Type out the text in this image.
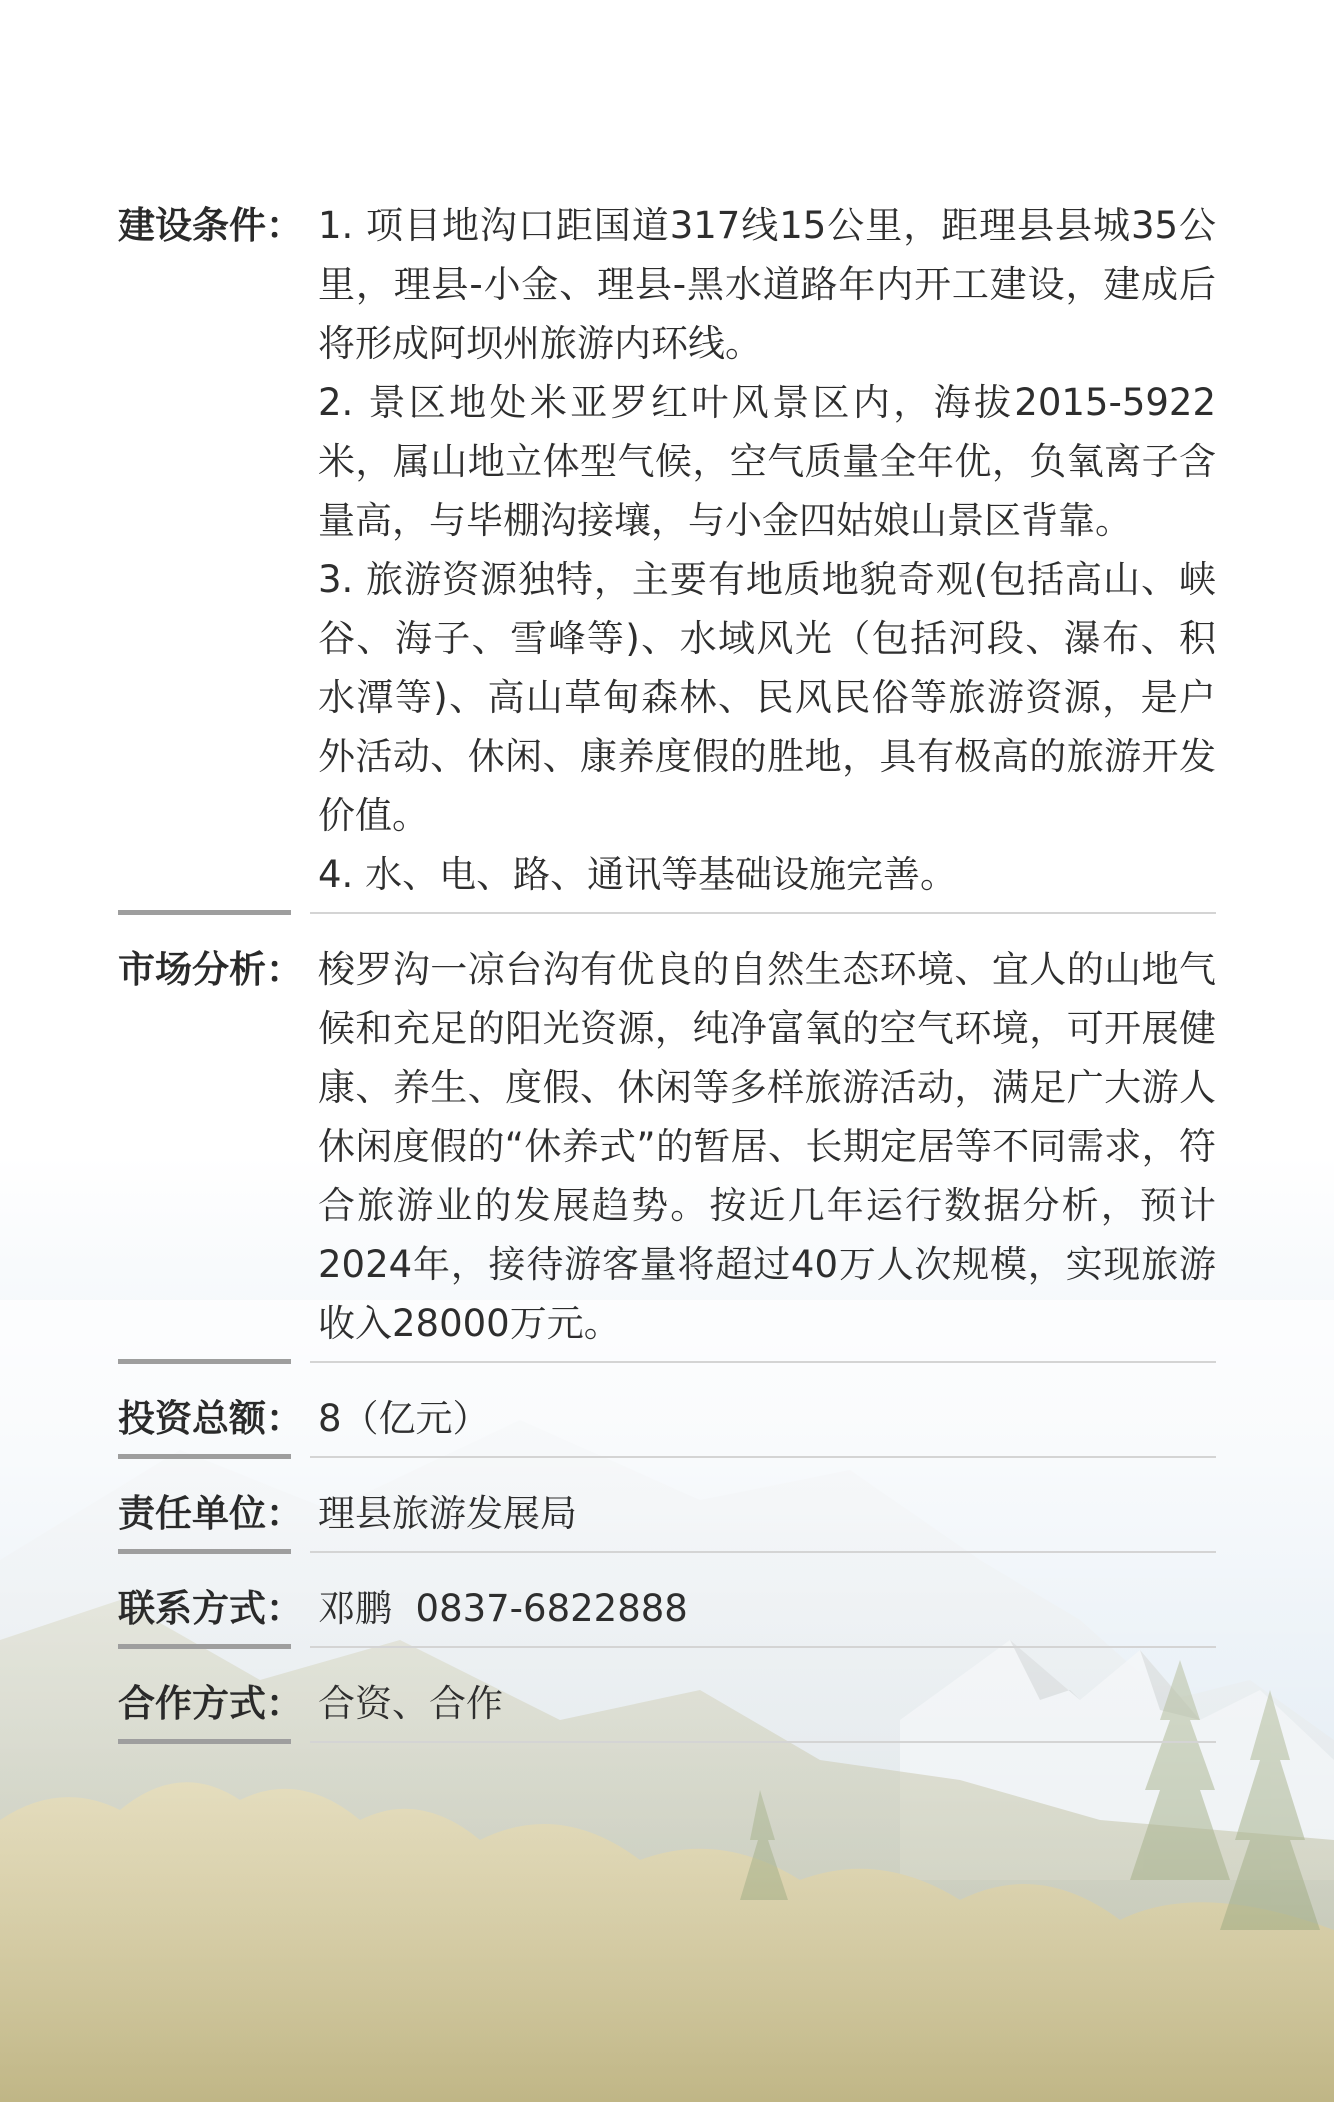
建设条件： 1. 项目地沟口距国道317线15公里，距理县县城35公里，理县-小金、理县-黑水道路年内开工建设，建成后将形成阿坝州旅游内环线。

2. 景区地处米亚罗红叶风景区内，海拔2015-5922米，属山地立体型气候，空气质量全年优，负氧离子含量高，与毕棚沟接壤，与小金四姑娘山景区背靠。

3. 旅游资源独特，主要有地质地貌奇观(包括高山、峡谷、海子、雪峰等)、水域风光（包括河段、瀑布、积水潭等)、高山草甸森林、民风民俗等旅游资源，是户外活动、休闲、康养度假的胜地，具有极高的旅游开发价值。

4. 水、电、路、通讯等基础设施完善。

市场分析： 梭罗沟一凉台沟有优良的自然生态环境、宜人的山地气候和充足的阳光资源，纯净富氧的空气环境，可开展健康、养生、度假、休闲等多样旅游活动，满足广大游人休闲度假的“休养式”的暂居、长期定居等不同需求，符合旅游业的发展趋势。按近几年运行数据分析，预计2024年，接待游客量将超过40万人次规模，实现旅游收入28000万元。

投资总额： 8（亿元）
责任单位： 理县旅游发展局
联系方式： 邓鹏  0837-6822888
合作方式： 合资、合作
